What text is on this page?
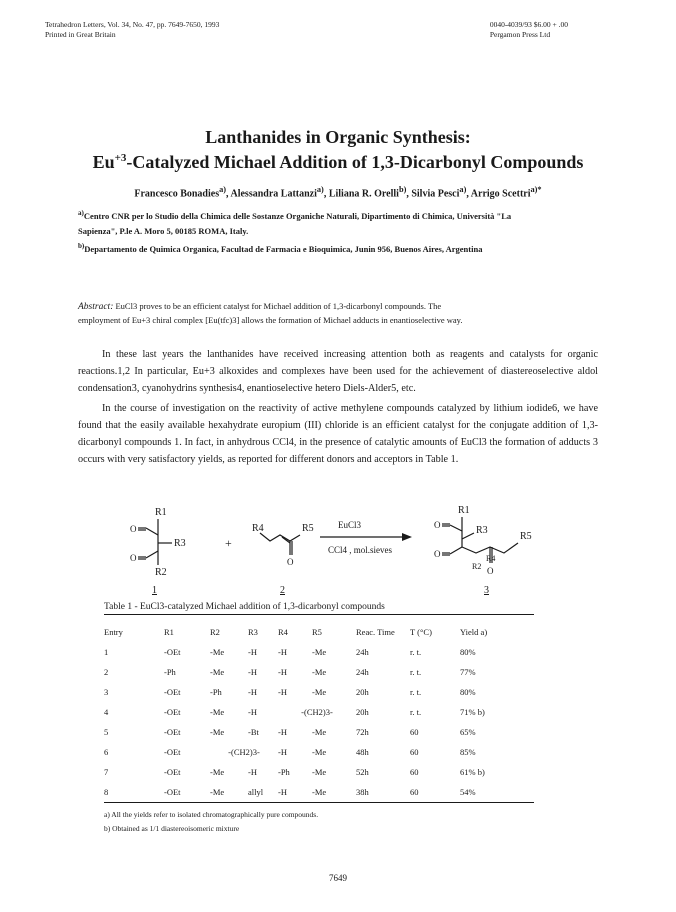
Tetrahedron Letters, Vol. 34, No. 47, pp. 7649-7650, 1993
Printed in Great Britain
0040-4039/93 $6.00 + .00
Pergamon Press Ltd
Lanthanides in Organic Synthesis:
$Eu^{+3}$-Catalyzed Michael Addition of 1,3-Dicarbonyl Compounds
Francesco Bonadies$^{a)}$, Alessandra Lattanzi$^{a)}$, Liliana R. Orelli$^{b)}$, Silvia Pesci$^{a)}$, Arrigo Scettri$^{a)*}$
$^{a)}$Centro CNR per lo Studio della Chimica delle Sostanze Organiche Naturali, Dipartimento di Chimica, Università "La
Sapienza", P.le A. Moro 5, 00185 ROMA, Italy.
$^{b)}$Departamento de Quimica Organica, Facultad de Farmacia e Bioquimica, Junin 956, Buenos Aires, Argentina
Abstract: EuCl3 proves to be an efficient catalyst for Michael addition of 1,3-dicarbonyl compounds. The
employment of Eu+3 chiral complex [Eu(tfc)3] allows the formation of Michael adducts in enantioselective way.
In these last years the lanthanides have received increasing attention both as reagents and catalysts for organic reactions.1,2 In particular, Eu+3 alkoxides and complexes have been used for the achievement of diastereoselective aldol condensation3, cyanohydrins synthesis4, enantioselective hetero Diels-Alder5, etc.
In the course of investigation on the reactivity of active methylene compounds catalyzed by lithium iodide6, we have found that the easily available hexahydrate europium (III) chloride is an efficient catalyst for the conjugate addition of 1,3-dicarbonyl compounds 1. In fact, in anhydrous CCl4, in the presence of catalytic amounts of EuCl3 the formation of adducts 3 occurs with very satisfactory yields, as reported for different donors and acceptors in Table 1.
R1
R3
R2
O
O
1
+
R4	R5
O
2
EuCl3
CCl4 , mol.sieves
R1
R3
R2
R4
R5
O
O
O
3
Table 1 - EuCl3-catalyzed Michael addition of 1,3-dicarbonyl compounds
Entry	R1	R2	R3	R4	R5	Reac. Time	T (°C)	Yield a)
1	-OEt	-Me	-H	-H	-Me	24h	r. t.	80%
2	-Ph	-Me	-H	-H	-Me	24h	r. t.	77%
3	-OEt	-Ph	-H	-H	-Me	20h	r. t.	80%
4	-OEt	-Me	-H	-(CH2)3-		20h	r. t.	71% b)
5	-OEt	-Me	-Bt	-H	-Me	72h	60	65%
6	-OEt	-(CH2)3-		-H	-Me	48h	60	85%
7	-OEt	-Me	-H	-Ph	-Me	52h	60	61% b)
8	-OEt	-Me	allyl	-H	-Me	38h	60	54%
a) All the yields refer to isolated chromatographically pure compounds.
b) Obtained as 1/1 diastereoisomeric mixture
7649
